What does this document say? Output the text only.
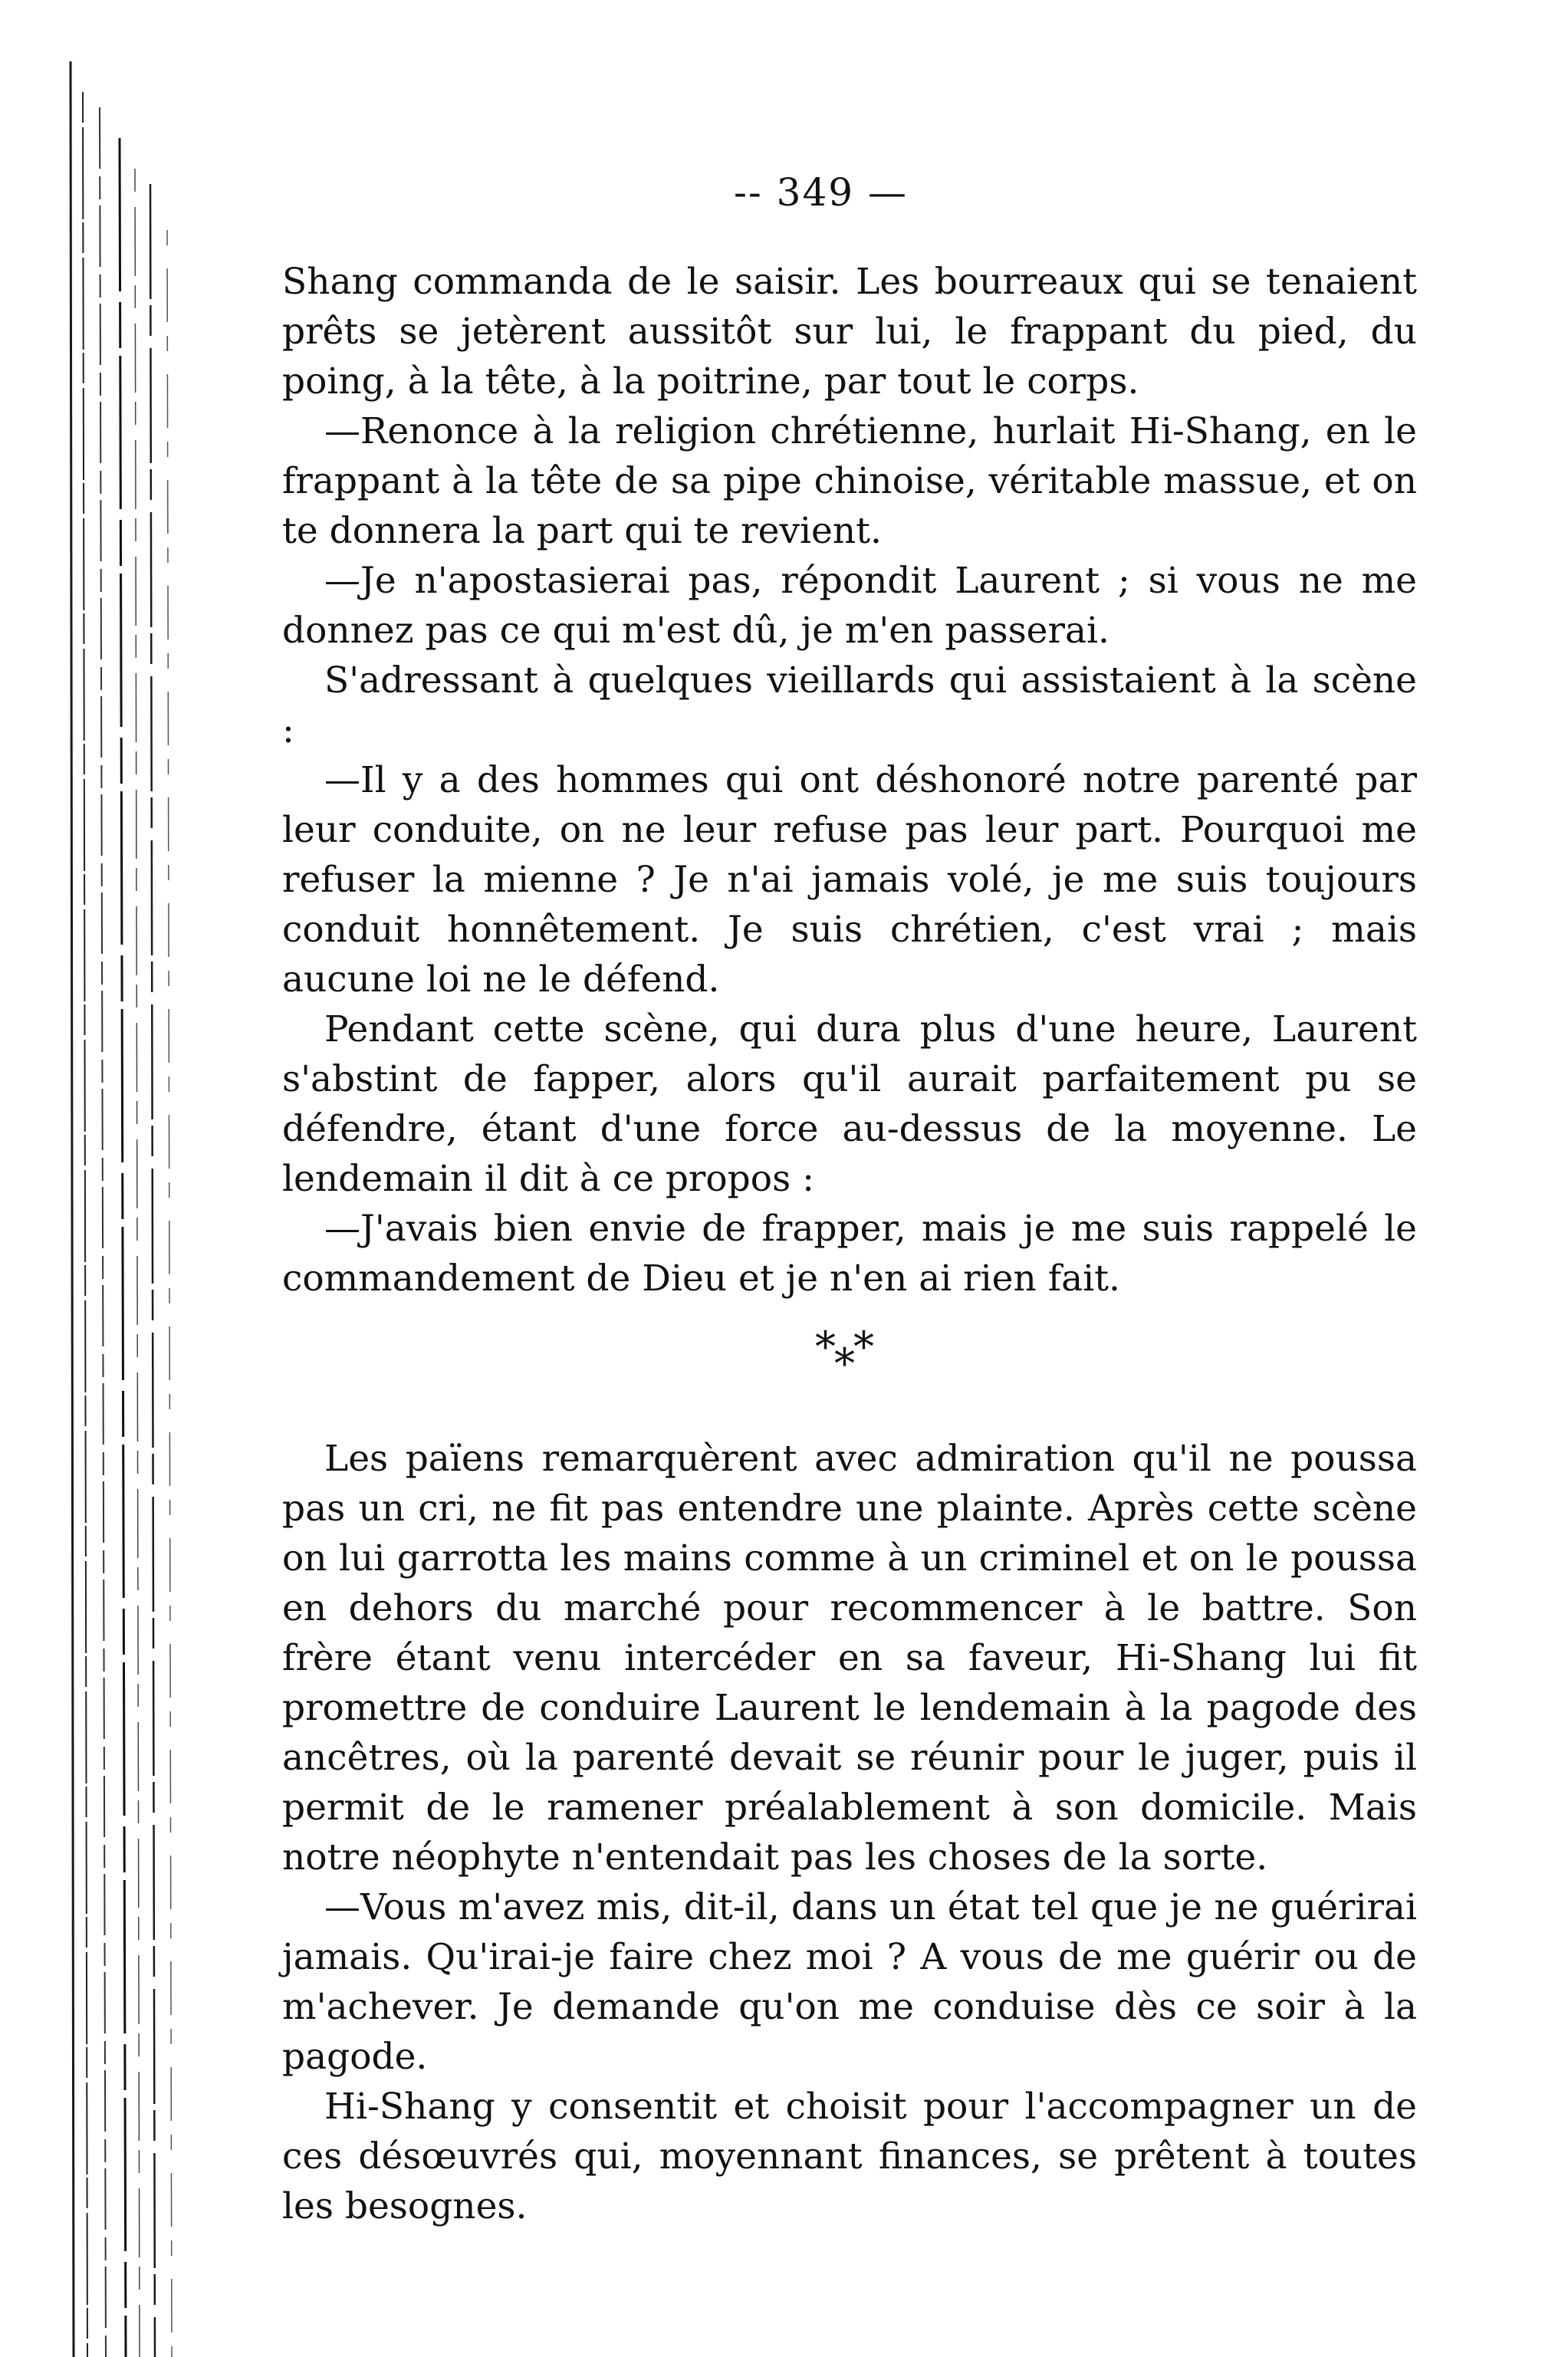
-- 349 —

Shang commanda de le saisir. Les bourreaux qui se tenaient prêts se jetèrent aussitôt sur lui, le frappant du pied, du poing, à la tête, à la poitrine, par tout le corps.

—Renonce à la religion chrétienne, hurlait Hi-Shang, en le frappant à la tête de sa pipe chinoise, véritable massue, et on te donnera la part qui te revient.

—Je n'apostasierai pas, répondit Laurent ; si vous ne me donnez pas ce qui m'est dû, je m'en passerai.

S'adressant à quelques vieillards qui assistaient à la scène :

—Il y a des hommes qui ont déshonoré notre parenté par leur conduite, on ne leur refuse pas leur part. Pourquoi me refuser la mienne ? Je n'ai jamais volé, je me suis toujours conduit honnêtement. Je suis chrétien, c'est vrai ; mais aucune loi ne le défend.

Pendant cette scène, qui dura plus d'une heure, Laurent s'abstint de fapper, alors qu'il aurait parfaitement pu se défendre, étant d'une force au-dessus de la moyenne. Le lendemain il dit à ce propos :

—J'avais bien envie de frapper, mais je me suis rappelé le commandement de Dieu et je n'en ai rien fait.

*
*
*

Les païens remarquèrent avec admiration qu'il ne poussa pas un cri, ne fit pas entendre une plainte. Après cette scène on lui garrotta les mains comme à un criminel et on le poussa en dehors du marché pour recommencer à le battre. Son frère étant venu intercéder en sa faveur, Hi-Shang lui fit promettre de conduire Laurent le lendemain à la pagode des ancêtres, où la parenté devait se réunir pour le juger, puis il permit de le ramener préalablement à son domicile. Mais notre néophyte n'entendait pas les choses de la sorte.

—Vous m'avez mis, dit-il, dans un état tel que je ne guérirai jamais. Qu'irai-je faire chez moi ? A vous de me guérir ou de m'achever. Je demande qu'on me conduise dès ce soir à la pagode.

Hi-Shang y consentit et choisit pour l'accompagner un de ces désœuvrés qui, moyennant finances, se prêtent à toutes les besognes.
